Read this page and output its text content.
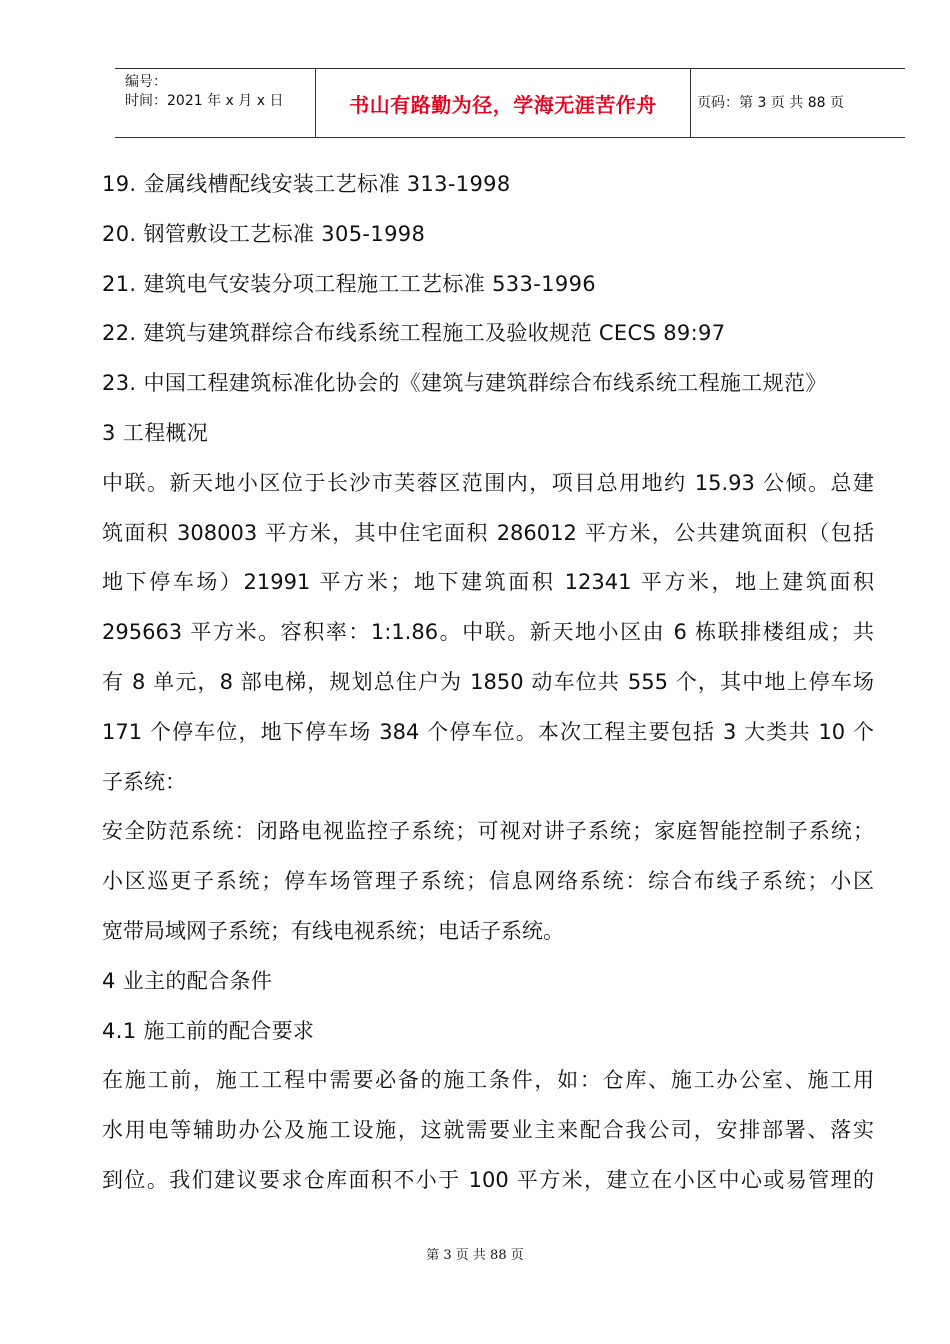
编号：
时间：2021 年 x 月 x 日	书山有路勤为径，学海无涯苦作舟	页码：第 3 页 共 88 页
19. 金属线槽配线安装工艺标准 313-1998
20. 钢管敷设工艺标准 305-1998
21. 建筑电气安装分项工程施工工艺标准 533-1996
22. 建筑与建筑群综合布线系统工程施工及验收规范 CECS 89:97
23. 中国工程建筑标准化协会的《建筑与建筑群综合布线系统工程施工规范》
3 工程概况
中联。新天地小区位于长沙市芙蓉区范围内，项目总用地约 15.93 公倾。总建
筑面积 308003 平方米，其中住宅面积 286012 平方米，公共建筑面积（包括
地下停车场）21991 平方米；地下建筑面积 12341 平方米，地上建筑面积
295663 平方米。容积率：1:1.86。中联。新天地小区由 6 栋联排楼组成；共
有 8 单元，8 部电梯，规划总住户为 1850 动车位共 555 个，其中地上停车场
171 个停车位，地下停车场 384 个停车位。本次工程主要包括 3 大类共 10 个
子系统：
安全防范系统：闭路电视监控子系统；可视对讲子系统；家庭智能控制子系统；
小区巡更子系统；停车场管理子系统；信息网络系统：综合布线子系统；小区
宽带局域网子系统；有线电视系统；电话子系统。
4 业主的配合条件
4.1 施工前的配合要求
在施工前，施工工程中需要必备的施工条件，如：仓库、施工办公室、施工用
水用电等辅助办公及施工设施，这就需要业主来配合我公司，安排部署、落实
到位。我们建议要求仓库面积不小于 100 平方米，建立在小区中心或易管理的
第 3 页 共 88 页
